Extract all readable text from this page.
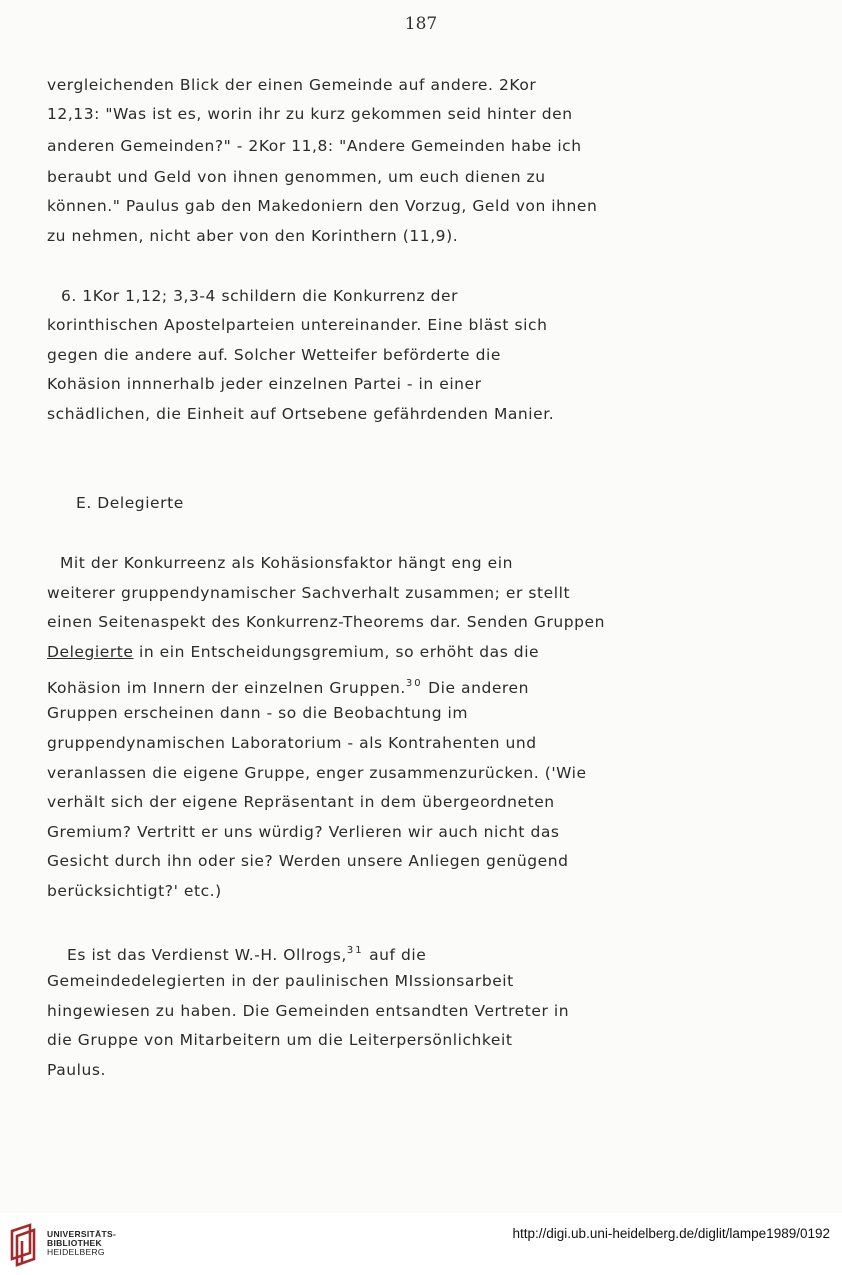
187
vergleichenden Blick der einen Gemeinde auf andere. 2Kor
12,13: "Was ist es, worin ihr zu kurz gekommen seid hinter den
anderen Gemeinden?" - 2Kor 11,8: "Andere Gemeinden habe ich
beraubt und Geld von ihnen genommen, um euch dienen zu
können." Paulus gab den Makedoniern den Vorzug, Geld von ihnen
zu nehmen, nicht aber von den Korinthern (11,9).
6. 1Kor 1,12; 3,3-4 schildern die Konkurrenz der
korinthischen Apostelparteien untereinander. Eine bläst sich
gegen die andere auf. Solcher Wetteifer beförderte die
Kohäsion innnerhalb jeder einzelnen Partei - in einer
schädlichen, die Einheit auf Ortsebene gefährdenden Manier.
E. Delegierte
Mit der Konkurreenz als Kohäsionsfaktor hängt eng ein
weiterer gruppendynamischer Sachverhalt zusammen; er stellt
einen Seitenaspekt des Konkurrenz-Theorems dar. Senden Gruppen
Delegierte in ein Entscheidungsgremium, so erhöht das die
Kohäsion im Innern der einzelnen Gruppen.$^{30}$ Die anderen
Gruppen erscheinen dann - so die Beobachtung im
gruppendynamischen Laboratorium - als Kontrahenten und
veranlassen die eigene Gruppe, enger zusammenzurücken. ('Wie
verhält sich der eigene Repräsentant in dem übergeordneten
Gremium? Vertritt er uns würdig? Verlieren wir auch nicht das
Gesicht durch ihn oder sie? Werden unsere Anliegen genügend
berücksichtigt?' etc.)
Es ist das Verdienst W.-H. Ollrogs,$^{31}$ auf die
Gemeindedelegierten in der paulinischen MIssionsarbeit
hingewiesen zu haben. Die Gemeinden entsandten Vertreter in
die Gruppe von Mitarbeitern um die Leiterpersönlichkeit
Paulus.
UNIVERSITÄTS-
BIBLIOTHEK
HEIDELBERG
http://digi.ub.uni-heidelberg.de/diglit/lampe1989/0192
